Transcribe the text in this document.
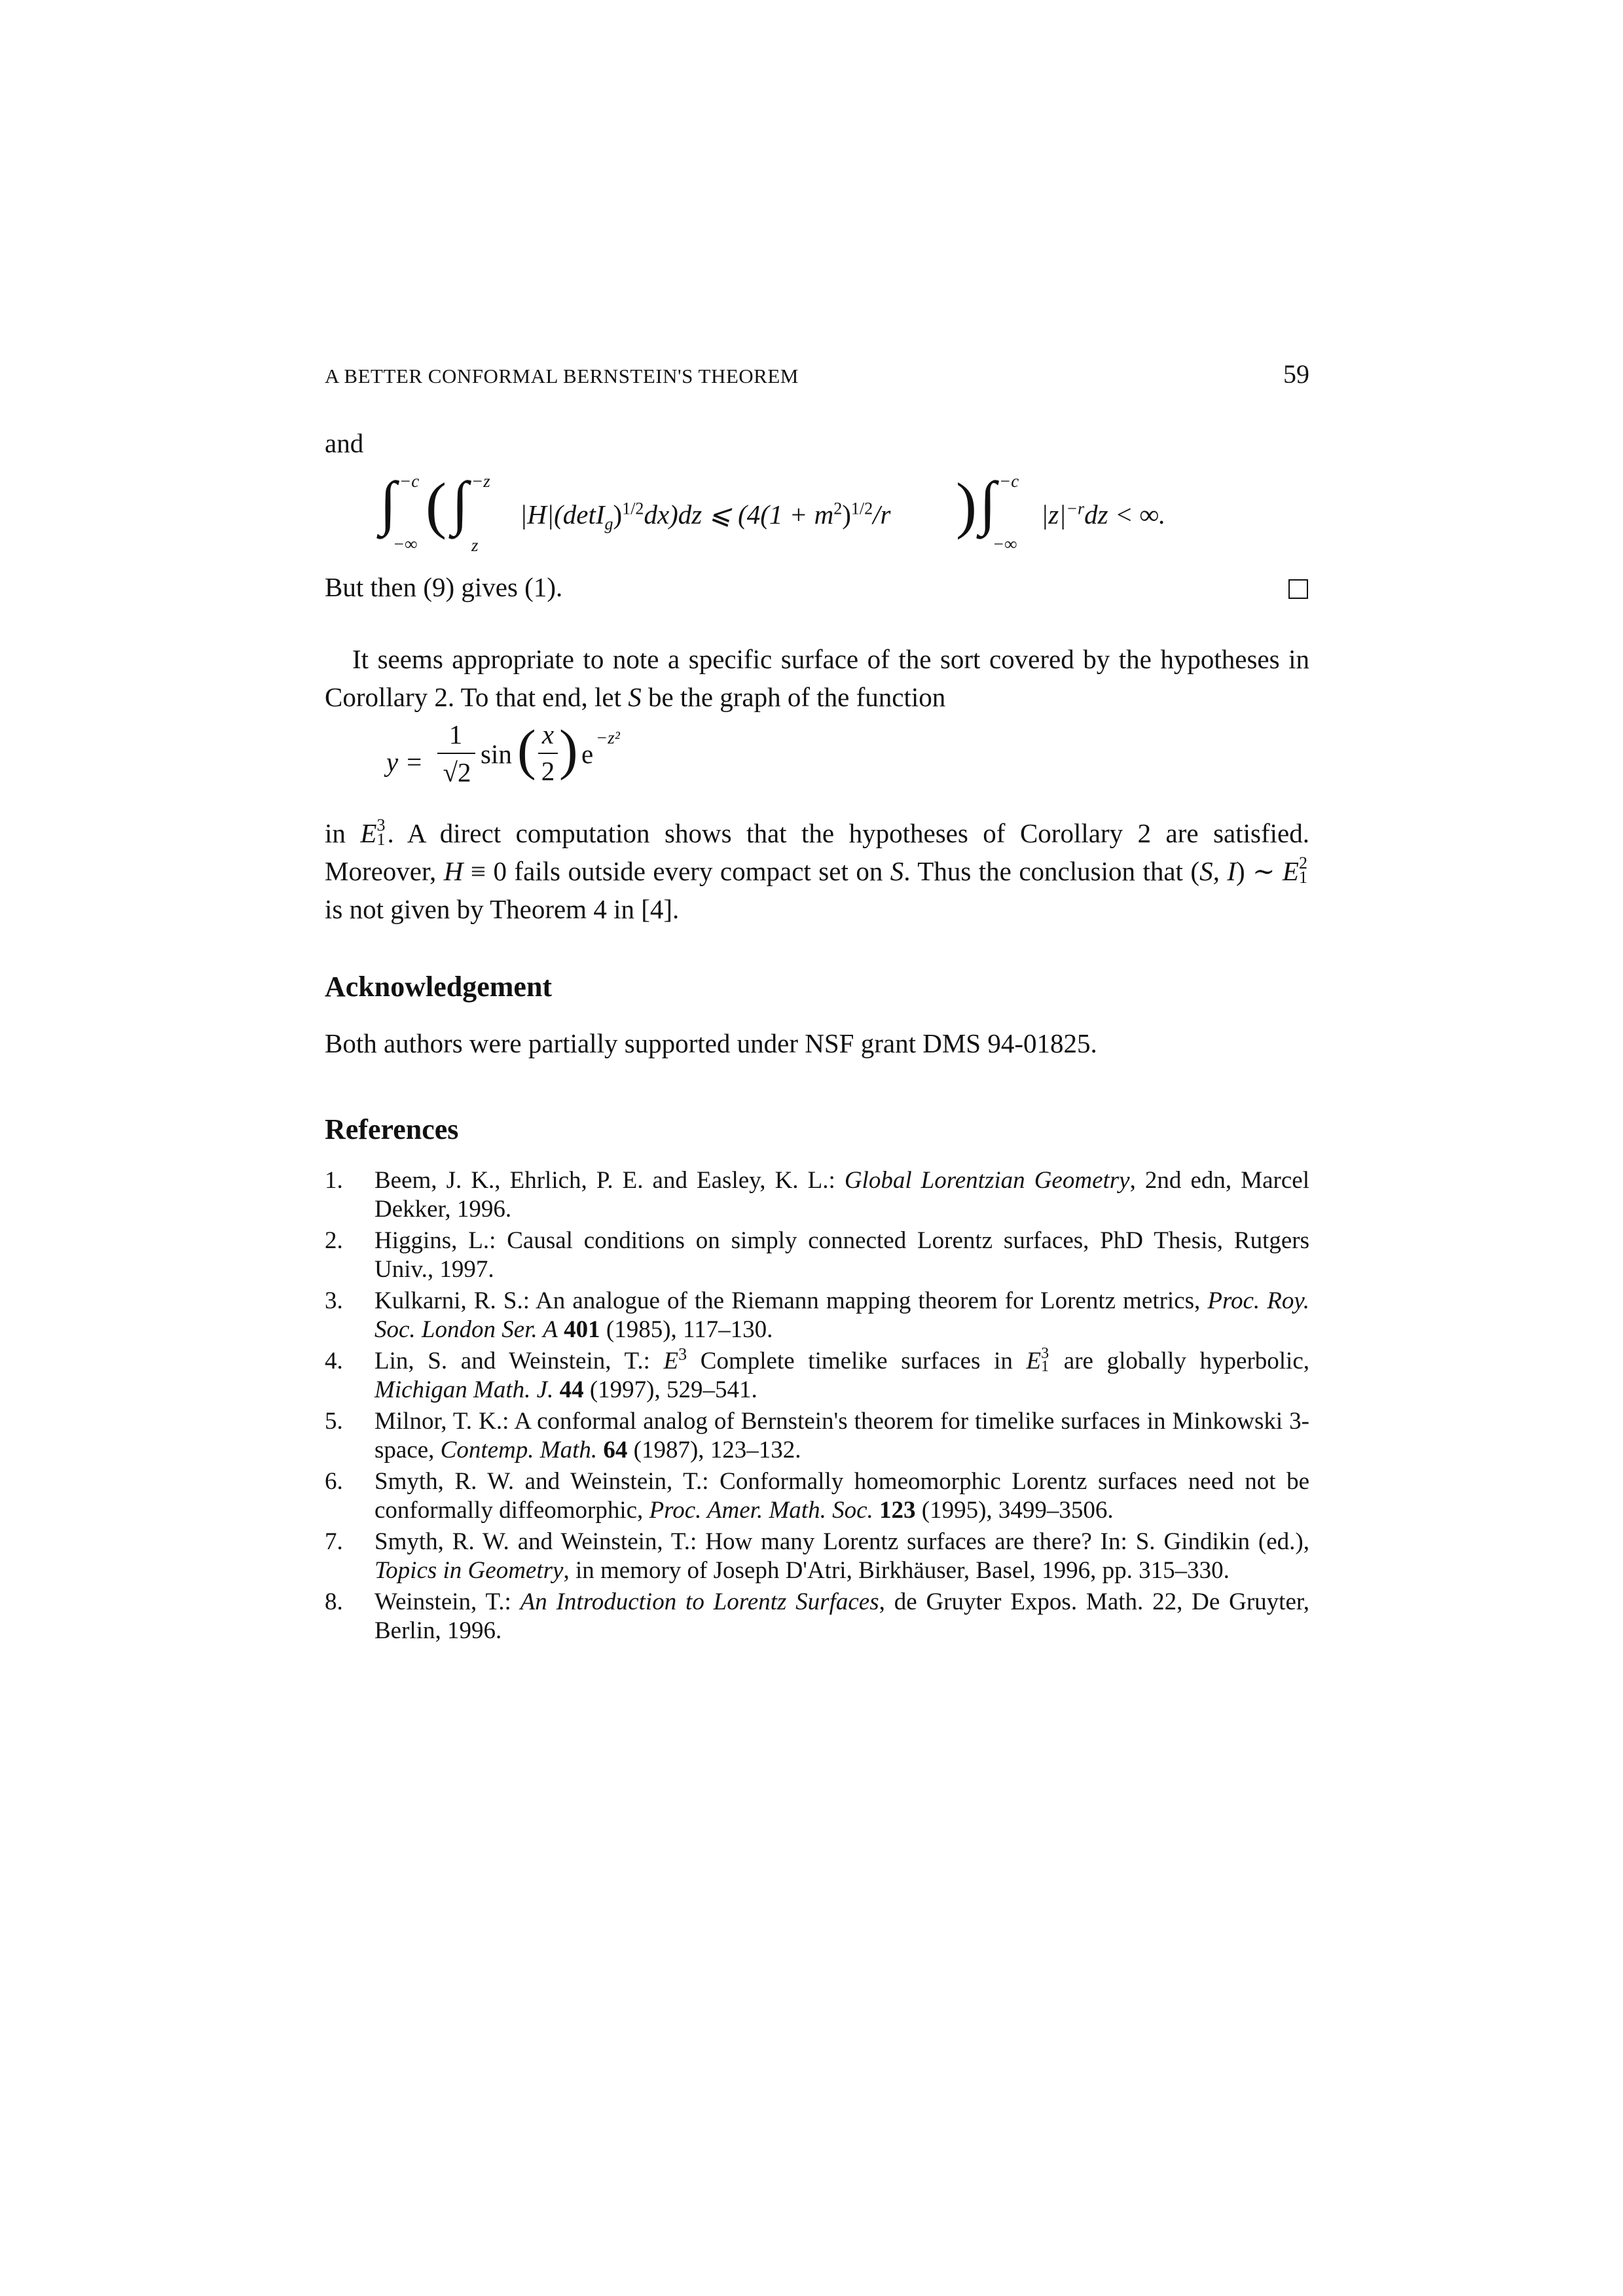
A BETTER CONFORMAL BERNSTEIN'S THEOREM	59
and
∫ −c
−∞
( ∫ −z
z
$|H|(\det I_g)^{1/2}dx)dz$ ⩽ ($4(1 + m^2)^{1/2}/r$ ) ∫ −c
−∞
$|z|^{-r}dz$ < ∞.
But then (9) gives (1).
It seems appropriate to note a specific surface of the sort covered by the hypotheses in Corollary 2. To that end, let S be the graph of the function
y =
1
√2
sin ( x
2 ) e
−z²
in E 3
1 . A direct computation shows that the hypotheses of Corollary 2 are satisfied. Moreover, H ≡ 0 fails outside every compact set on S. Thus the conclusion that (S, I) ∼ E 2
1
is not given by Theorem 4 in [4].
Acknowledgement
Both authors were partially supported under NSF grant DMS 94-01825.
References
1.	Beem, J. K., Ehrlich, P. E. and Easley, K. L.: Global Lorentzian Geometry, 2nd edn, Marcel Dekker, 1996.
2.	Higgins, L.: Causal conditions on simply connected Lorentz surfaces, PhD Thesis, Rutgers Univ., 1997.
3.	Kulkarni, R. S.: An analogue of the Riemann mapping theorem for Lorentz metrics, Proc. Roy. Soc. London Ser. A 401 (1985), 117–130.
4.	Lin, S. and Weinstein, T.: $E^3$ Complete timelike surfaces in E 3
1 are globally hyperbolic, Michigan Math. J. 44 (1997), 529–541.
5.	Milnor, T. K.: A conformal analog of Bernstein's theorem for timelike surfaces in Minkowski 3-space, Contemp. Math. 64 (1987), 123–132.
6.	Smyth, R. W. and Weinstein, T.: Conformally homeomorphic Lorentz surfaces need not be conformally diffeomorphic, Proc. Amer. Math. Soc. 123 (1995), 3499–3506.
7.	Smyth, R. W. and Weinstein, T.: How many Lorentz surfaces are there? In: S. Gindikin (ed.), Topics in Geometry, in memory of Joseph D'Atri, Birkhäuser, Basel, 1996, pp. 315–330.
8.	Weinstein, T.: An Introduction to Lorentz Surfaces, de Gruyter Expos. Math. 22, De Gruyter, Berlin, 1996.
